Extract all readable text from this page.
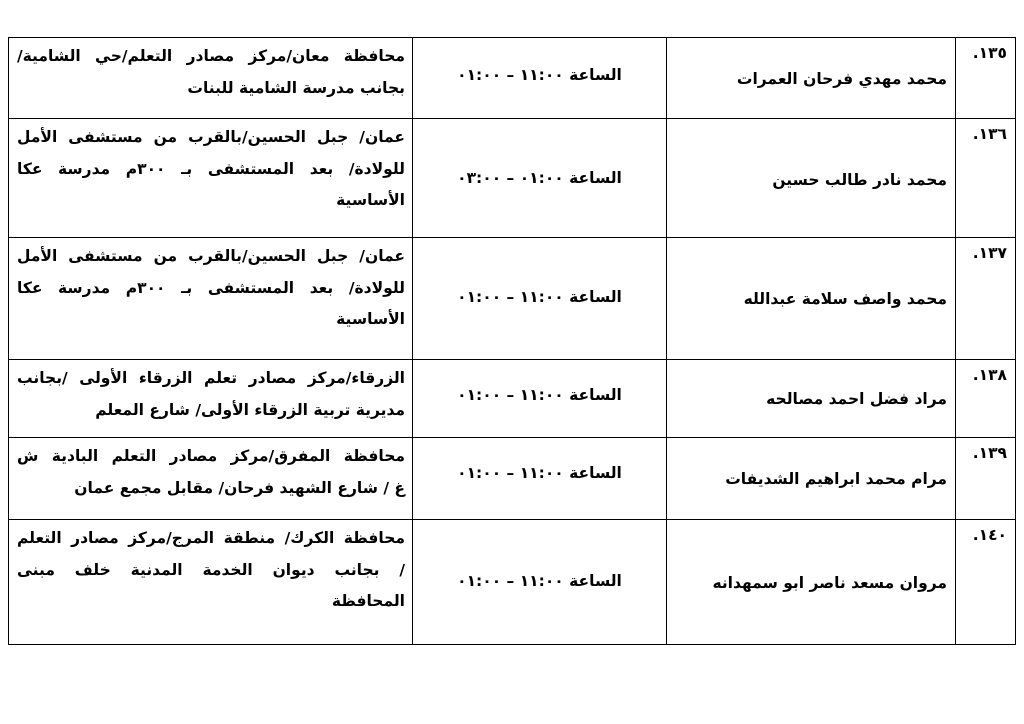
١٣٥.	محمد مهدي فرحان العمرات	الساعة ١١:٠٠ – ٠١:٠٠	محافظة معان/مركز مصادر التعلم/حي الشامية/
بجانب مدرسة الشامية للبنات

١٣٦.	محمد نادر طالب حسين	الساعة ٠١:٠٠ – ٠٣:٠٠	عمان/ جبل الحسين/بالقرب من مستشفى الأمل
للولادة/ بعد المستشفى بـ ٣٠٠م مدرسة عكا
الأساسية

١٣٧.	محمد واصف سلامة عبدالله	الساعة ١١:٠٠ – ٠١:٠٠	عمان/ جبل الحسين/بالقرب من مستشفى الأمل
للولادة/ بعد المستشفى بـ ٣٠٠م مدرسة عكا
الأساسية

١٣٨.	مراد فضل احمد مصالحه	الساعة ١١:٠٠ – ٠١:٠٠	الزرقاء/مركز مصادر تعلم الزرقاء الأولى /بجانب
مديرية تربية الزرقاء الأولى/ شارع المعلم

١٣٩.	مرام محمد ابراهيم الشديفات	الساعة ١١:٠٠ – ٠١:٠٠	محافظة المفرق/مركز مصادر التعلم البادية ش
غ / شارع الشهيد فرحان/ مقابل مجمع عمان

١٤٠.	مروان مسعد ناصر ابو سمهدانه	الساعة ١١:٠٠ – ٠١:٠٠	محافظة الكرك/ منطقة المرج/مركز مصادر التعلم
/ بجانب ديوان الخدمة المدنية خلف مبنى
المحافظة
